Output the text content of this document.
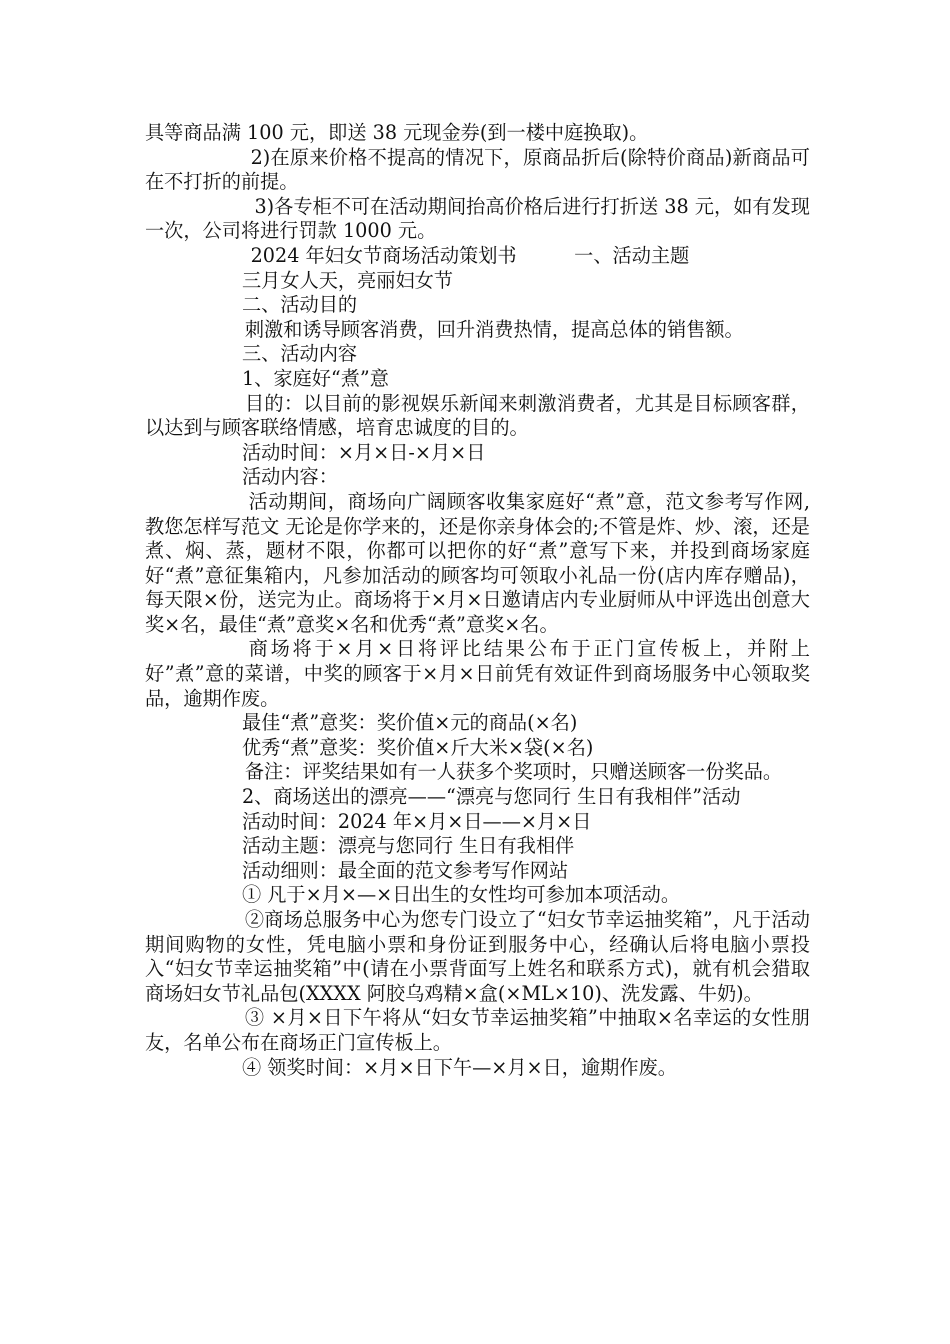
具等商品满 100 元，即送 38 元现金券(到一楼中庭换取)。

2)在原来价格不提高的情况下，原商品折后(除特价商品)新商品可在不打折的前提。

3)各专柜不可在活动期间抬高价格后进行打折送 38 元，如有发现一次，公司将进行罚款 1000 元。

2024 年妇女节商场活动策划书　　　一、活动主题

三月女人天，亮丽妇女节

二、活动目的

刺激和诱导顾客消费，回升消费热情，提高总体的销售额。

三、活动内容

1、家庭好“煮”意

目的：以目前的影视娱乐新闻来刺激消费者，尤其是目标顾客群，以达到与顾客联络情感，培育忠诚度的目的。

活动时间：×月×日-×月×日

活动内容：

活动期间，商场向广阔顾客收集家庭好“煮”意，范文参考写作网,教您怎样写范文 无论是你学来的，还是你亲身体会的;不管是炸、炒、滚，还是煮、焖、蒸，题材不限，你都可以把你的好“煮”意写下来，并投到商场家庭好“煮”意征集箱内，凡参加活动的顾客均可领取小礼品一份(店内库存赠品)，每天限×份，送完为止。商场将于×月×日邀请店内专业厨师从中评选出创意大奖×名，最佳“煮”意奖×名和优秀“煮”意奖×名。

商场将于×月×日将评比结果公布于正门宣传板上，并附上好”煮”意的菜谱，中奖的顾客于×月×日前凭有效证件到商场服务中心领取奖品，逾期作废。

最佳“煮”意奖：奖价值×元的商品(×名)

优秀“煮”意奖：奖价值×斤大米×袋(×名)

备注：评奖结果如有一人获多个奖项时，只赠送顾客一份奖品。

2、商场送出的漂亮——“漂亮与您同行 生日有我相伴”活动

活动时间：2024 年×月×日——×月×日

活动主题：漂亮与您同行 生日有我相伴

活动细则：最全面的范文参考写作网站

① 凡于×月×—×日出生的女性均可参加本项活动。

②商场总服务中心为您专门设立了“妇女节幸运抽奖箱”，凡于活动期间购物的女性，凭电脑小票和身份证到服务中心，经确认后将电脑小票投入“妇女节幸运抽奖箱”中(请在小票背面写上姓名和联系方式)，就有机会猎取商场妇女节礼品包(XXXX 阿胶乌鸡精×盒(×ML×10)、洗发露、牛奶)。

③ ×月×日下午将从“妇女节幸运抽奖箱”中抽取×名幸运的女性朋友，名单公布在商场正门宣传板上。

④ 领奖时间：×月×日下午—×月×日，逾期作废。
